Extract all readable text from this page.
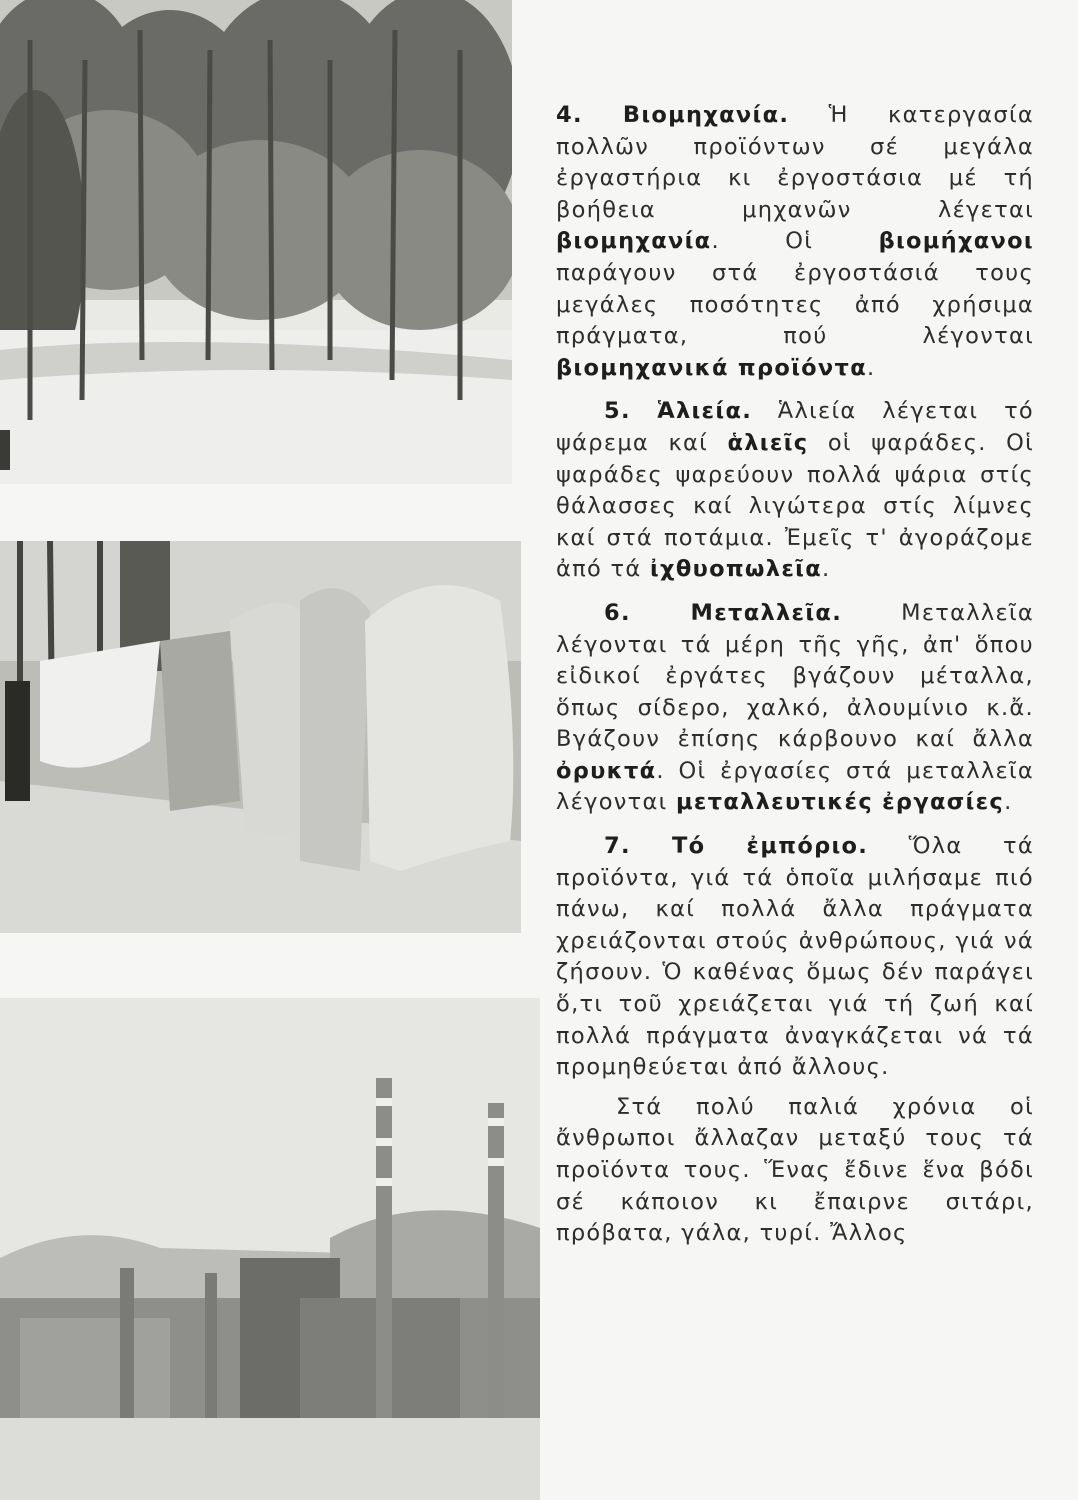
4. Βιομηχανία. Ἡ κατεργασία πολλῶν προϊόντων σέ μεγάλα ἐργαστήρια κι ἐργοστάσια μέ τή βοήθεια μηχανῶν λέγεται βιομηχανία. Οἱ βιομήχανοι παράγουν στά ἐργοστάσιά τους μεγάλες ποσότητες ἀπό χρήσιμα πράγματα, πού λέγονται βιομηχανικά προϊόντα.

5. Ἁλιεία. Ἁλιεία λέγεται τό ψάρεμα καί ἁλιεῖς οἱ ψαράδες. Οἱ ψαράδες ψαρεύουν πολλά ψάρια στίς θάλασσες καί λιγώτερα στίς λίμνες καί στά ποτάμια. Ἐμεῖς τ' ἀγοράζομε ἀπό τά ἰχθυοπωλεῖα.

6. Μεταλλεῖα. Μεταλλεῖα λέγονται τά μέρη τῆς γῆς, ἀπ' ὅπου εἰδικοί ἐργάτες βγάζουν μέταλλα, ὅπως σίδερο, χαλκό, ἀλουμίνιο κ.ἄ. Βγάζουν ἐπίσης κάρβουνο καί ἄλλα ὀρυκτά. Οἱ ἐργασίες στά μεταλλεῖα λέγονται μεταλλευτικές ἐργασίες.

7. Τό ἐμπόριο. Ὅλα τά προϊόντα, γιά τά ὁποῖα μιλήσαμε πιό πάνω, καί πολλά ἄλλα πράγματα χρειάζονται στούς ἀνθρώπους, γιά νά ζήσουν. Ὁ καθένας ὅμως δέν παράγει ὅ,τι τοῦ χρειάζεται γιά τή ζωή καί πολλά πράγματα ἀναγκάζεται νά τά προμηθεύεται ἀπό ἄλλους.

Στά πολύ παλιά χρόνια οἱ ἄνθρωποι ἄλλαζαν μεταξύ τους τά προϊόντα τους. Ἕνας ἔδινε ἕνα βόδι σέ κάποιον κι ἔπαιρνε σιτάρι, πρόβατα, γάλα, τυρί. Ἄλλος
